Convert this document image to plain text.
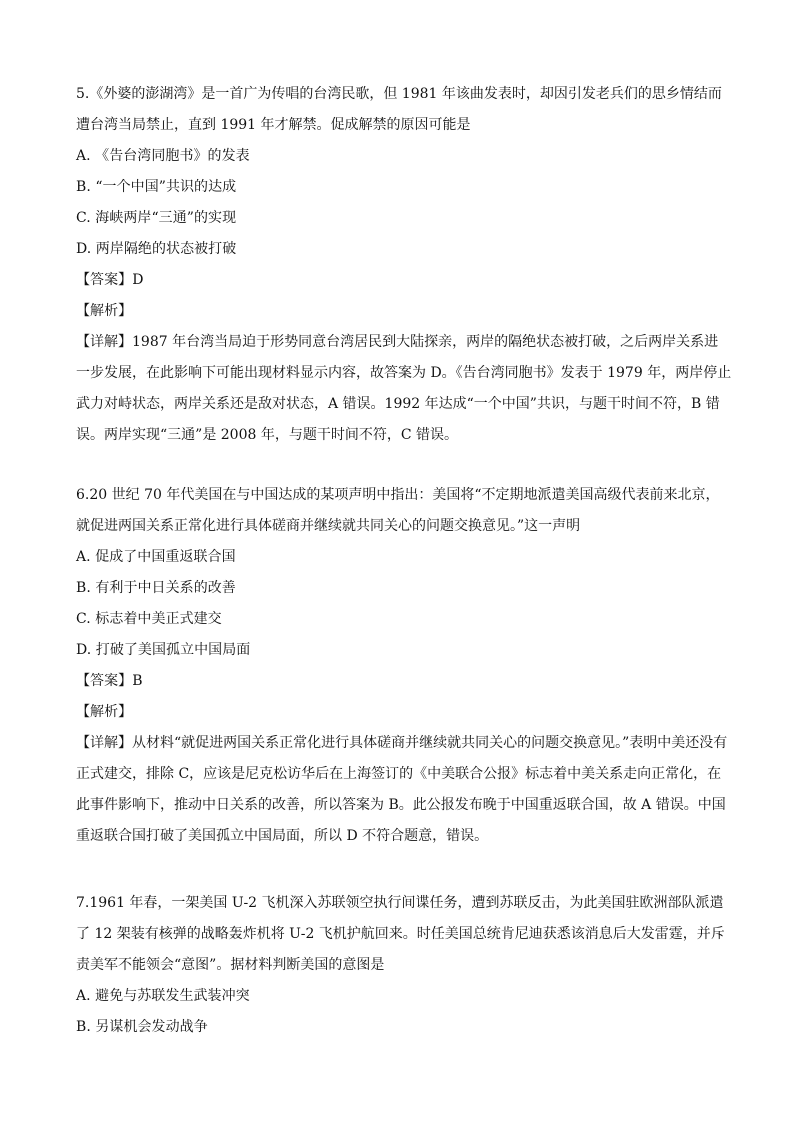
5.《外婆的澎湖湾》是一首广为传唱的台湾民歌，但 1981 年该曲发表时，却因引发老兵们的思乡情结而遭台湾当局禁止，直到 1991 年才解禁。促成解禁的原因可能是
A. 《告台湾同胞书》的发表
B. “一个中国”共识的达成
C. 海峡两岸“三通”的实现
D. 两岸隔绝的状态被打破
【答案】D
【解析】
【详解】1987 年台湾当局迫于形势同意台湾居民到大陆探亲，两岸的隔绝状态被打破，之后两岸关系进一步发展，在此影响下可能出现材料显示内容，故答案为 D。《告台湾同胞书》发表于 1979 年，两岸停止武力对峙状态，两岸关系还是敌对状态，A 错误。1992 年达成“一个中国”共识，与题干时间不符，B 错误。两岸实现“三通”是 2008 年，与题干时间不符，C 错误。
6.20 世纪 70 年代美国在与中国达成的某项声明中指出：美国将“不定期地派遣美国高级代表前来北京，就促进两国关系正常化进行具体磋商并继续就共同关心的问题交换意见。”这一声明
A. 促成了中国重返联合国
B. 有利于中日关系的改善
C. 标志着中美正式建交
D. 打破了美国孤立中国局面
【答案】B
【解析】
【详解】从材料“就促进两国关系正常化进行具体磋商并继续就共同关心的问题交换意见。”表明中美还没有正式建交，排除 C，应该是尼克松访华后在上海签订的《中美联合公报》标志着中美关系走向正常化，在此事件影响下，推动中日关系的改善，所以答案为 B。此公报发布晚于中国重返联合国，故 A 错误。中国重返联合国打破了美国孤立中国局面，所以 D 不符合题意，错误。
7.1961 年春，一架美国 U-2 飞机深入苏联领空执行间谍任务，遭到苏联反击，为此美国驻欧洲部队派遣了 12 架装有核弹的战略轰炸机将 U-2 飞机护航回来。时任美国总统肯尼迪获悉该消息后大发雷霆，并斥责美军不能领会“意图”。据材料判断美国的意图是
A. 避免与苏联发生武装冲突
B. 另谋机会发动战争
